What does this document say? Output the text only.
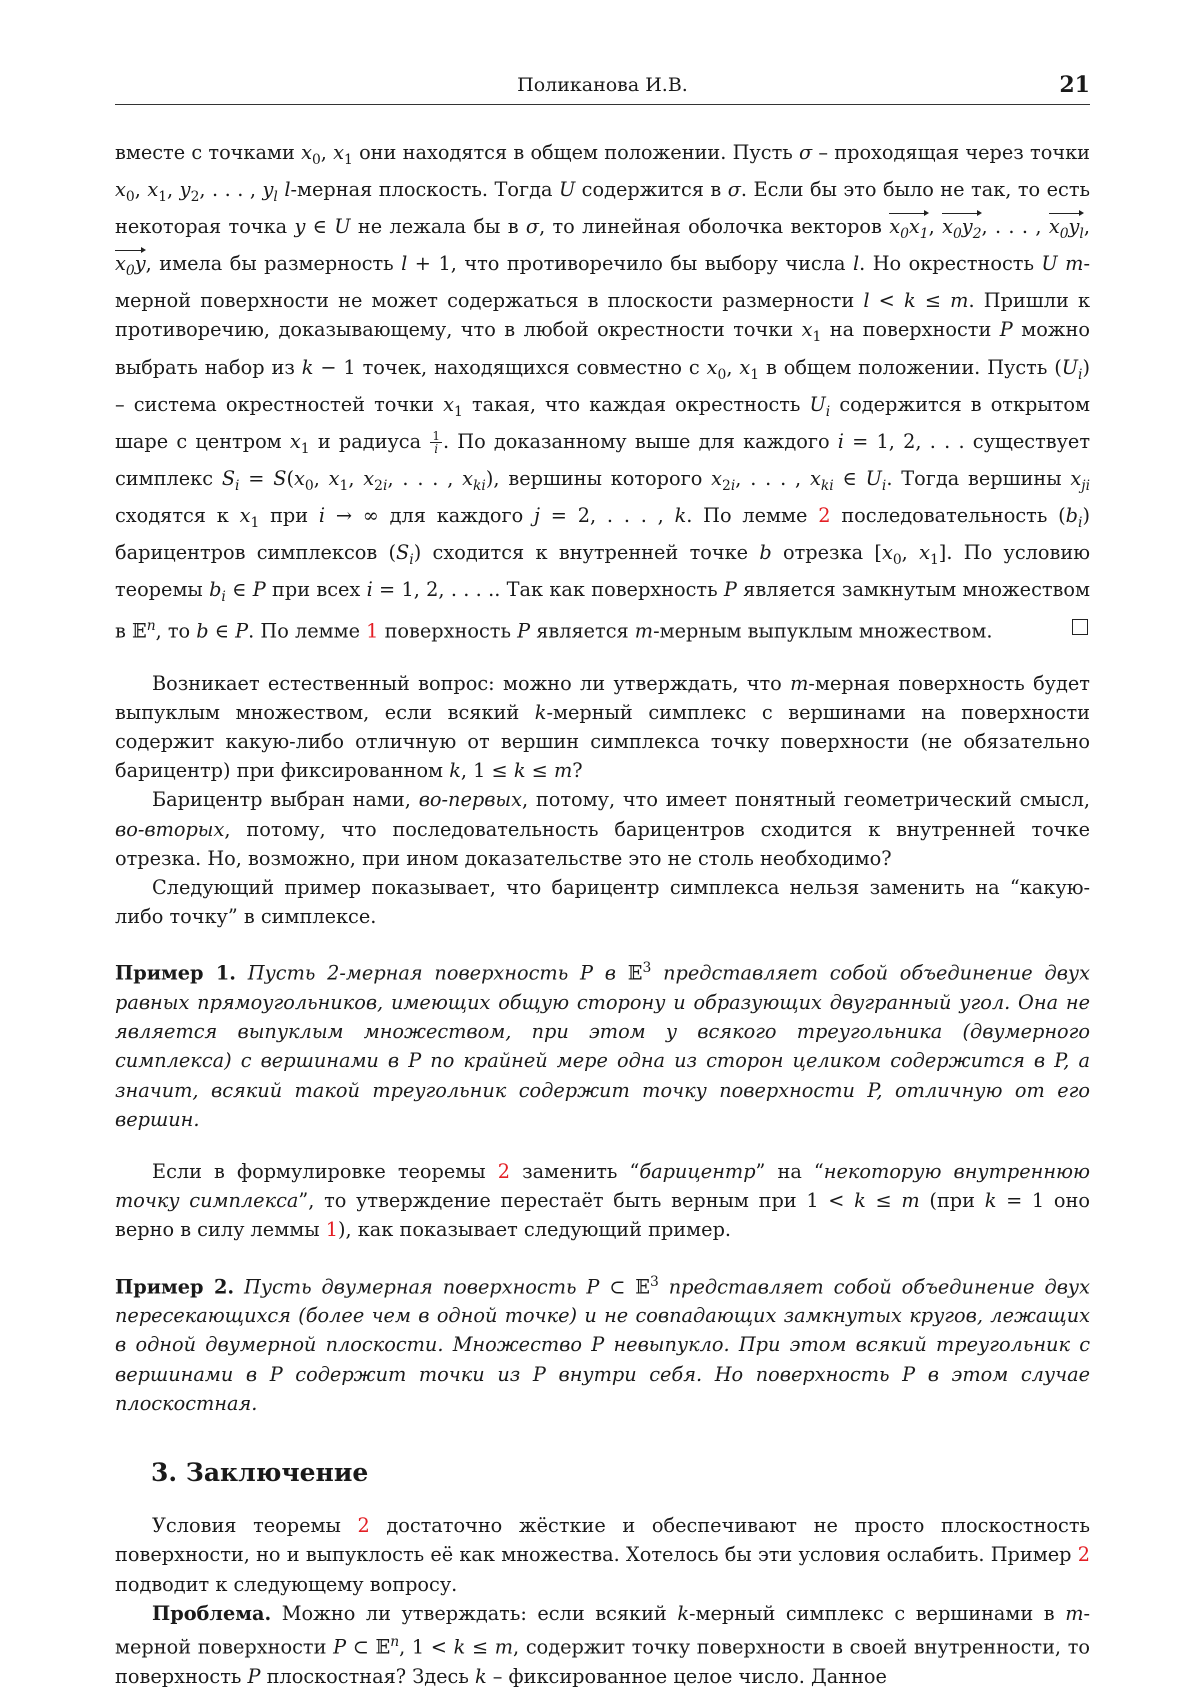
Поликанова И.В.	21

вместе с точками $x_0$, $x_1$ они находятся в общем положении. Пусть σ – проходящая через точки $x_0$, $x_1$, $y_2$, . . . , $y_l$ l-мерная плоскость. Тогда U содержится в σ. Если бы это было не так, то есть некоторая точка y ∈ U не лежала бы в σ, то линейная оболочка векторов $x_0x_1$, $x_0y_2$, . . . , $x_0y_l$, $x_0y$, имела бы размерность l + 1, что противоречило бы выбору числа l. Но окрестность U m-мерной поверхности не может содержаться в плоскости размерности l < k ≤ m. Пришли к противоречию, доказывающему, что в любой окрестности точки $x_1$ на поверхности P можно выбрать набор из k − 1 точек, находящихся совместно с $x_0$, $x_1$ в общем положении. Пусть $(U_i)$ – система окрестностей точки $x_1$ такая, что каждая окрестность $U_i$ содержится в открытом шаре с центром $x_1$ и радиуса $\frac{1}{i}$ . По доказанному выше для каждого i = 1, 2, . . . существует симплекс $S_i = S(x_0$, $x_1$, $x_{2i}$, . . . , $x_{ki}$), вершины которого $x_{2i}$, . . . , $x_{ki}$ ∈ $U_i$. Тогда вершины $x_{ji}$ сходятся к $x_1$ при i → ∞ для каждого j = 2, . . . , k. По лемме 2 последовательность $(b_i)$ барицентров симплексов $(S_i)$ сходится к внутренней точке b отрезка [$x_0$, $x_1$]. По условию теоремы $b_i$ ∈ P при всех i = 1, 2, . . . .. Так как поверхность P является замкнутым множеством в 𝔼$^n$, то b ∈ P. По лемме 1 поверхность P является m-мерным выпуклым множеством.

Возникает естественный вопрос: можно ли утверждать, что m-мерная поверхность будет выпуклым множеством, если всякий k-мерный симплекс с вершинами на поверхности содержит какую-либо отличную от вершин симплекса точку поверхности (не обязательно барицентр) при фиксированном k, 1 ≤ k ≤ m?

Барицентр выбран нами, во-первых, потому, что имеет понятный геометрический смысл, во-вторых, потому, что последовательность барицентров сходится к внутренней точке отрезка. Но, возможно, при ином доказательстве это не столь необходимо?

Следующий пример показывает, что барицентр симплекса нельзя заменить на “какую-либо точку” в симплексе.

Пример 1. Пусть 2-мерная поверхность P в 𝔼$^3$ представляет собой объединение двух равных прямоугольников, имеющих общую сторону и образующих двугранный угол. Она не является выпуклым множеством, при этом у всякого треугольника (двумерного симплекса) с вершинами в P по крайней мере одна из сторон целиком содержится в P, а значит, всякий такой треугольник содержит точку поверхности P, отличную от его вершин.

Если в формулировке теоремы 2 заменить “барицентр” на “некоторую внутреннюю точку симплекса”, то утверждение перестаёт быть верным при 1 < k ≤ m (при k = 1 оно верно в силу леммы 1), как показывает следующий пример.

Пример 2. Пусть двумерная поверхность P ⊂ 𝔼$^3$ представляет собой объединение двух пересекающихся (более чем в одной точке) и не совпадающих замкнутых кругов, лежащих в одной двумерной плоскости. Множество P невыпукло. При этом всякий треугольник с вершинами в P содержит точки из P внутри себя. Но поверхность P в этом случае плоскостная.

3. Заключение

Условия теоремы 2 достаточно жёсткие и обеспечивают не просто плоскостность поверхности, но и выпуклость её как множества. Хотелось бы эти условия ослабить. Пример 2 подводит к следующему вопросу.

Проблема. Можно ли утверждать: если всякий k-мерный симплекс с вершинами в m-мерной поверхности P ⊂ 𝔼$^n$, 1 < k ≤ m, содержит точку поверхности в своей внутренности, то поверхность P плоскостная? Здесь k – фиксированное целое число. Данное
